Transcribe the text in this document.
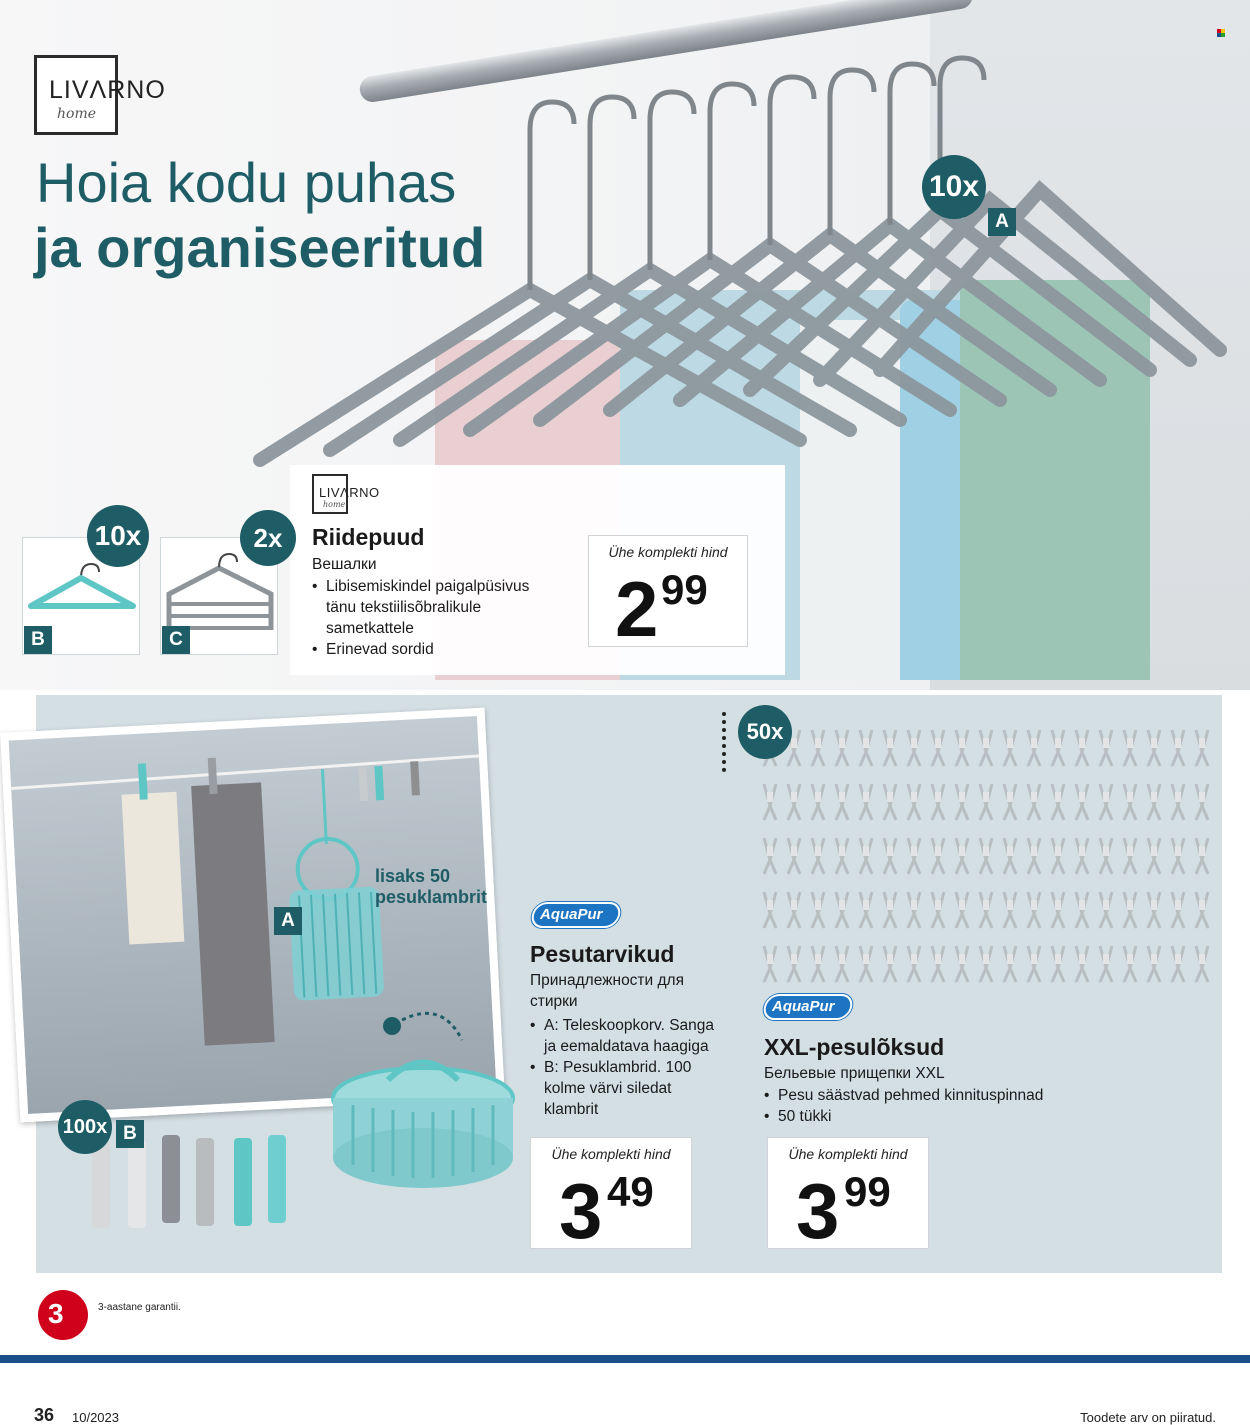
LIVΛRNO
home
Hoia kodu puhas
ja organiseeritud
10x
A
LIVΛRNO
home
Riidepuud
Вешалки
• Libisemiskindel paigalpüsivus tänu tekstiilisõbralikule sametkattele
• Erinevad sordid
Ühe komplekti hind
2 99
10x
B
2x
C
lisaks 50 pesuklambrit
A
100x B
AquaPur
Pesutarvikud
Принадлежности для стирки
• A: Teleskoopkorv. Sanga ja eemaldatava haagiga
• B: Pesuklambrid. 100 kolme värvi siledat klambrit
Ühe komplekti hind
3 49
50x
AquaPur
XXL-pesulõksud
Бельевые прищепки XXL
• Pesu säästvad pehmed kinnituspinnad
• 50 tükki
Ühe komplekti hind
3 99
3	3-aastane garantii.
36 10/2023	Toodete arv on piiratud.
